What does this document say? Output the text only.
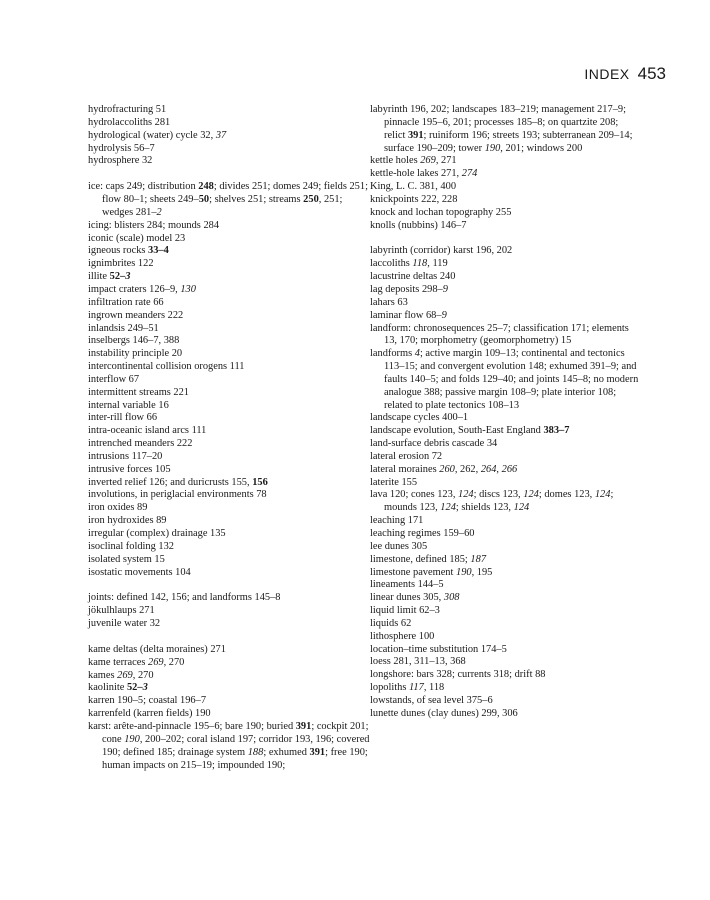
INDEX 453
hydrofracturing 51
hydrolaccoliths 281
hydrological (water) cycle 32, 37
hydrolysis 56–7
hydrosphere 32
ice: caps 249; distribution 248; divides 251; domes 249; fields 251; flow 80–1; sheets 249–50; shelves 251; streams 250, 251; wedges 281–2
icing: blisters 284; mounds 284
iconic (scale) model 23
igneous rocks 33–4
ignimbrites 122
illite 52–3
impact craters 126–9, 130
infiltration rate 66
ingrown meanders 222
inlandsis 249–51
inselbergs 146–7, 388
instability principle 20
intercontinental collision orogens 111
interflow 67
intermittent streams 221
internal variable 16
inter-rill flow 66
intra-oceanic island arcs 111
intrenched meanders 222
intrusions 117–20
intrusive forces 105
inverted relief 126; and duricrusts 155, 156
involutions, in periglacial environments 78
iron oxides 89
iron hydroxides 89
irregular (complex) drainage 135
isoclinal folding 132
isolated system 15
isostatic movements 104
joints: defined 142, 156; and landforms 145–8
jökulhlaups 271
juvenile water 32
kame deltas (delta moraines) 271
kame terraces 269, 270
kames 269, 270
kaolinite 52–3
karren 190–5; coastal 196–7
karrenfeld (karren fields) 190
karst: arête-and-pinnacle 195–6; bare 190; buried 391; cockpit 201; cone 190, 200–202; coral island 197; corridor 193, 196; covered 190; defined 185; drainage system 188; exhumed 391; free 190; human impacts on 215–19; impounded 190;
labyrinth 196, 202; landscapes 183–219; management 217–9; pinnacle 195–6, 201; processes 185–8; on quartzite 208; relict 391; ruiniform 196; streets 193; subterranean 209–14; surface 190–209; tower 190, 201; windows 200
kettle holes 269, 271
kettle-hole lakes 271, 274
King, L. C. 381, 400
knickpoints 222, 228
knock and lochan topography 255
knolls (nubbins) 146–7
labyrinth (corridor) karst 196, 202
laccoliths 118, 119
lacustrine deltas 240
lag deposits 298–9
lahars 63
laminar flow 68–9
landform: chronosequences 25–7; classification 171; elements 13, 170; morphometry (geomorphometry) 15
landforms 4; active margin 109–13; continental and tectonics 113–15; and convergent evolution 148; exhumed 391–9; and faults 140–5; and folds 129–40; and joints 145–8; no modern analogue 388; passive margin 108–9; plate interior 108; related to plate tectonics 108–13
landscape cycles 400–1
landscape evolution, South-East England 383–7
land-surface debris cascade 34
lateral erosion 72
lateral moraines 260, 262, 264, 266
laterite 155
lava 120; cones 123, 124; discs 123, 124; domes 123, 124; mounds 123, 124; shields 123, 124
leaching 171
leaching regimes 159–60
lee dunes 305
limestone, defined 185; 187
limestone pavement 190, 195
lineaments 144–5
linear dunes 305, 308
liquid limit 62–3
liquids 62
lithosphere 100
location–time substitution 174–5
loess 281, 311–13, 368
longshore: bars 328; currents 318; drift 88
lopoliths 117, 118
lowstands, of sea level 375–6
lunette dunes (clay dunes) 299, 306
